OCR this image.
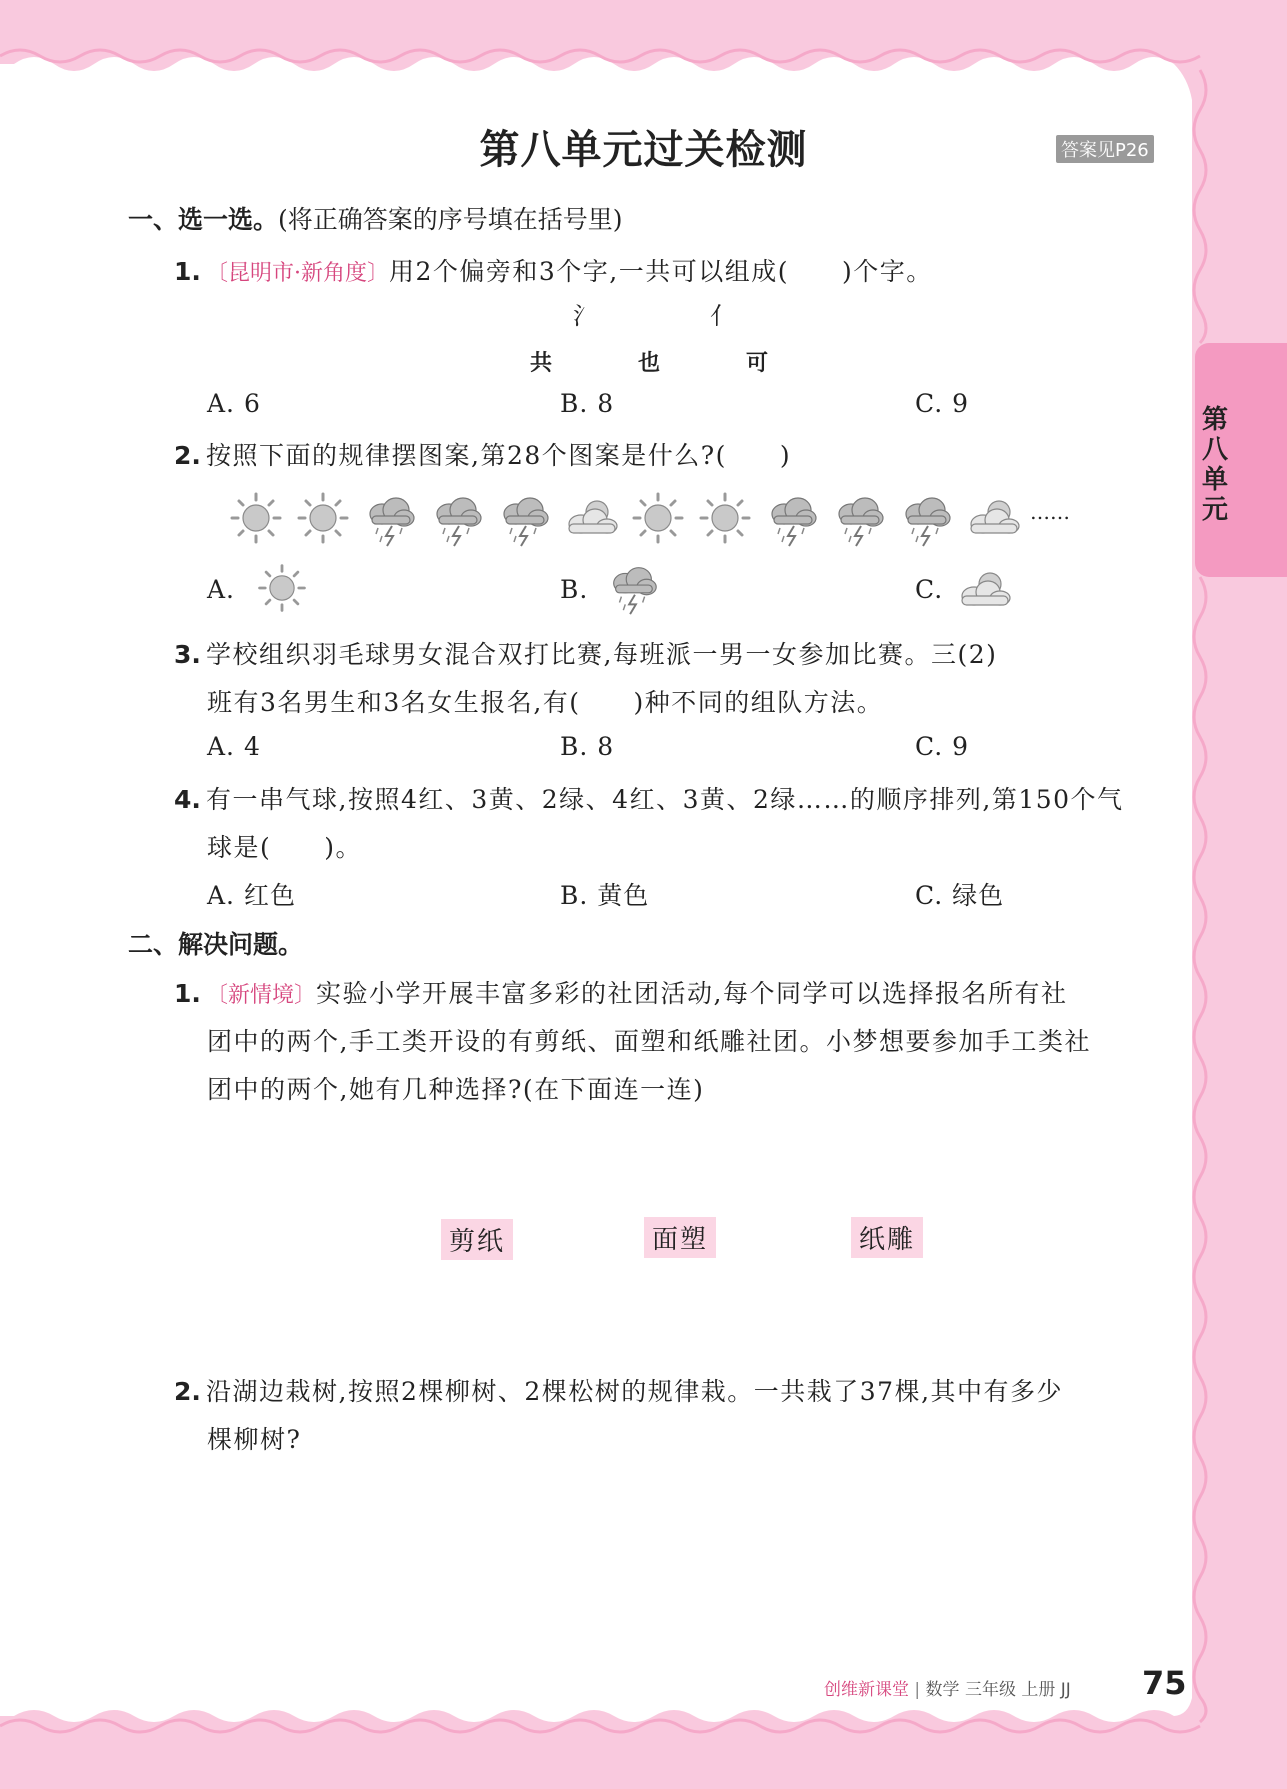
第八单元过关检测	答案见P26
第八单元
一、选一选。(将正确答案的序号填在括号里)
1. 〔昆明市·新角度〕用2个偏旁和3个字,一共可以组成(　　)个字。
氵	亻
共	也	可
A. 6	B. 8	C. 9
2. 按照下面的规律摆图案,第28个图案是什么?(　　)
……
A.	B.	C.
3. 学校组织羽毛球男女混合双打比赛,每班派一男一女参加比赛。三(2)
班有3名男生和3名女生报名,有(　　)种不同的组队方法。
A. 4	B. 8	C. 9
4. 有一串气球,按照4红、3黄、2绿、4红、3黄、2绿……的顺序排列,第150个气
球是(　　)。
A. 红色	B. 黄色	C. 绿色
二、解决问题。
1. 〔新情境〕实验小学开展丰富多彩的社团活动,每个同学可以选择报名所有社
团中的两个,手工类开设的有剪纸、面塑和纸雕社团。小梦想要参加手工类社
团中的两个,她有几种选择?(在下面连一连)
剪纸	面塑	纸雕
2. 沿湖边栽树,按照2棵柳树、2棵松树的规律栽。一共栽了37棵,其中有多少
棵柳树?
创维新课堂 | 数学 三年级 上册 JJ 75
